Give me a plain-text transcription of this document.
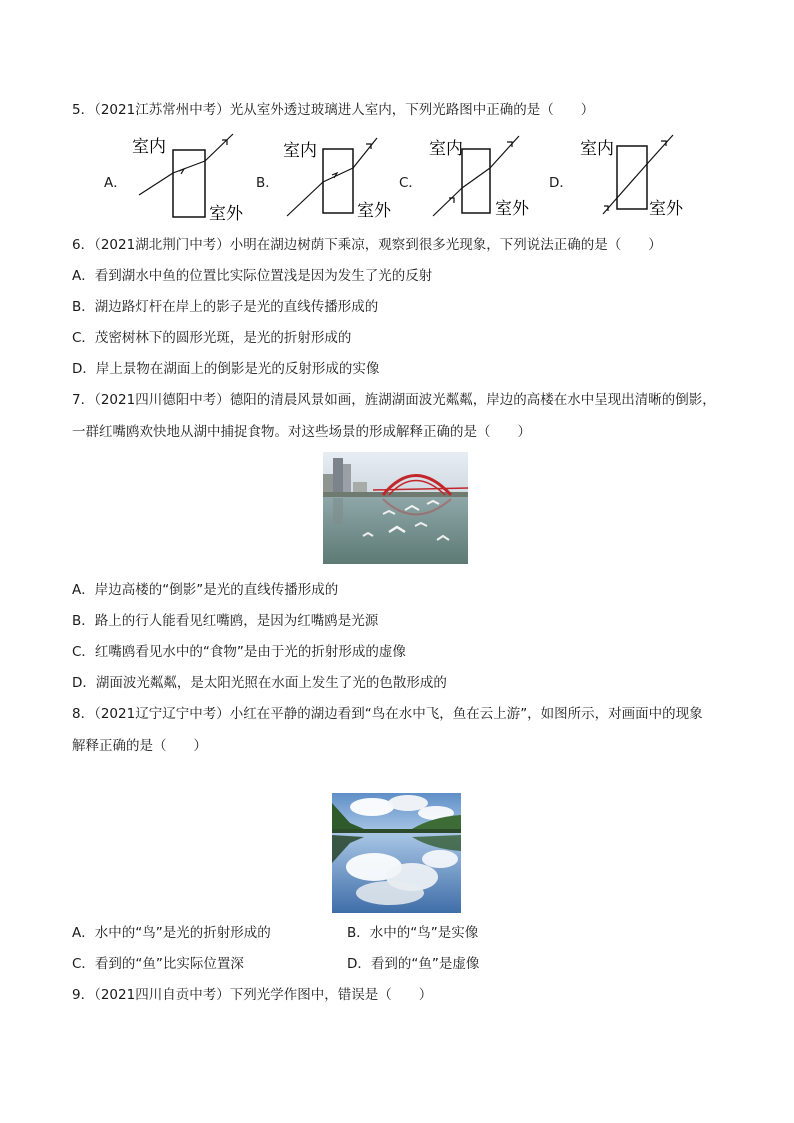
5．（2021江苏常州中考）光从室外透过玻璃进人室内，下列光路图中正确的是（　　）
A．
室内
室外
B．
室内
室外
C．
室内
室外
D．
室内
室外
6．（2021湖北荆门中考）小明在湖边树荫下乘凉，观察到很多光现象，下列说法正确的是（　　）
A．看到湖水中鱼的位置比实际位置浅是因为发生了光的反射
B．湖边路灯杆在岸上的影子是光的直线传播形成的
C．茂密树林下的圆形光斑，是光的折射形成的
D．岸上景物在湖面上的倒影是光的反射形成的实像
7．（2021四川德阳中考）德阳的清晨风景如画，旌湖湖面波光粼粼，岸边的高楼在水中呈现出清晰的倒影，
一群红嘴鸥欢快地从湖中捕捉食物。对这些场景的形成解释正确的是（　　）
A．岸边高楼的“倒影”是光的直线传播形成的
B．路上的行人能看见红嘴鸥，是因为红嘴鸥是光源
C．红嘴鸥看见水中的“食物”是由于光的折射形成的虚像
D．湖面波光粼粼，是太阳光照在水面上发生了光的色散形成的
8．（2021辽宁辽宁中考）小红在平静的湖边看到“鸟在水中飞，鱼在云上游”，如图所示，对画面中的现象
解释正确的是（　　）
A．水中的“鸟”是光的折射形成的	B．水中的“鸟”是实像
C．看到的“鱼”比实际位置深	D．看到的“鱼”是虚像
9．（2021四川自贡中考）下列光学作图中，错误是（　　）
